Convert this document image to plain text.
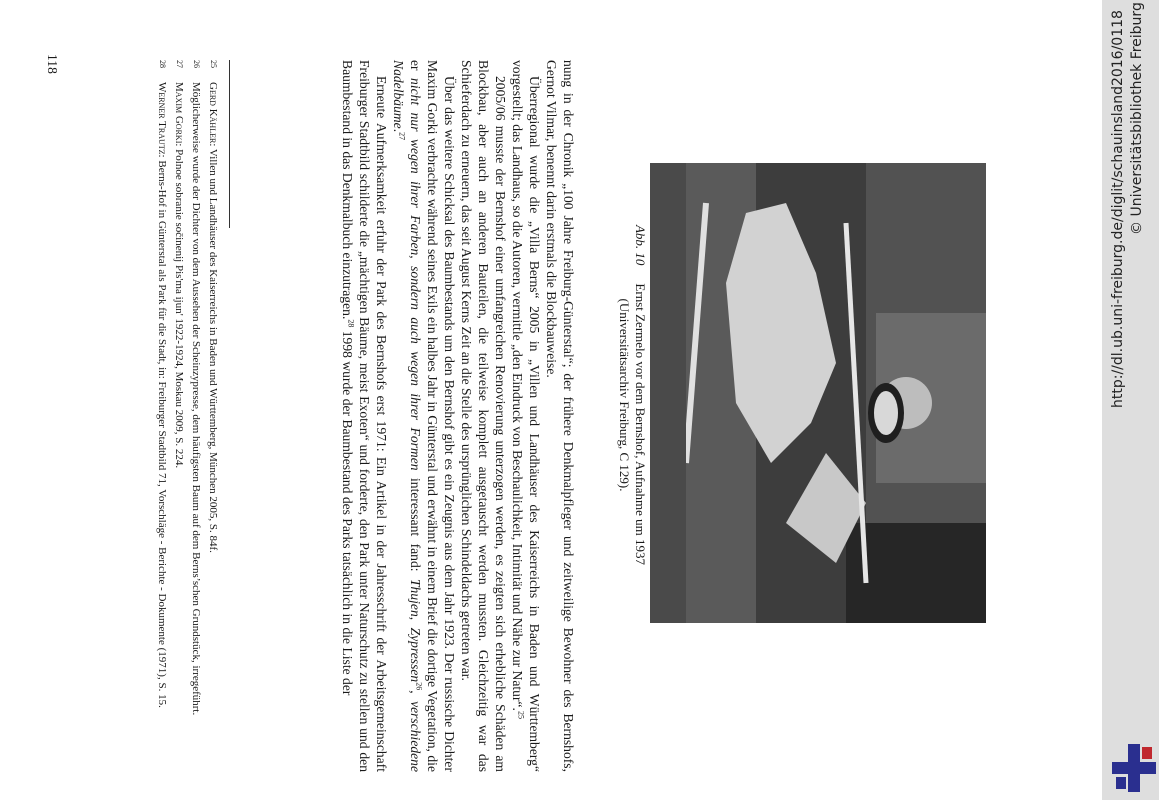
Abb. 10Ernst Zermelo vor dem Bernshof, Aufnahme um 1937
(Universitätsarchiv Freiburg, C 129).

nung in der Chronik „100 Jahre Freiburg-Günterstal“; der frühere Denkmalpfleger und zeitweilige Bewohner des Bernshofs, Gernot Vilmar, benennt darin erstmals die Blockbauweise.

Überregional wurde die „Villa Berns“ 2005 in „Villen und Landhäuser des Kaiserreichs in Baden und Württemberg“ vorgestellt; das Landhaus, so die Autoren, vermittle „den Eindruck von Beschaulichkeit, Intimität und Nähe zur Natur“.$^{25}$

2005/06 musste der Bernshof einer umfangreichen Renovierung unterzogen werden, es zeigten sich erhebliche Schäden am Blockbau, aber auch an anderen Bauteilen, die teilweise komplett ausgetauscht werden mussten. Gleichzeitig war das Schieferdach zu erneuern, das seit August Kerns Zeit an die Stelle des ursprünglichen Schindeldachs getreten war.

Über das weitere Schicksal des Baumbestands um den Bernshof gibt es ein Zeugnis aus dem Jahr 1923. Der russische Dichter Maxim Gorki verbrachte während seines Exils ein halbes Jahr in Günterstal und erwähnt in einem Brief die dortige Vegetation, die er nicht nur wegen ihrer Farben, sondern auch wegen ihrer Formen interessant fand: Thujen, Zypressen$^{26}$, verschiedene Nadelbäume.$^{27}$

Erneute Aufmerksamkeit erfuhr der Park des Bernshofs erst 1971: Ein Artikel in der Jahresschrift der Arbeitsgemeinschaft Freiburger Stadtbild schilderte die „mächtigen Bäume, meist Exoten“ und forderte, den Park unter Naturschutz zu stellen und den Baumbestand in das Denkmalbuch einzutragen.$^{28}$ 1998 wurde der Baumbestand des Parks tatsächlich in die Liste der

25
Gerd Kähler: Villen und Landhäuser des Kaiserreichs in Baden und Württemberg, München 2005, S. 84f.
26
Möglicherweise wurde der Dichter von dem Aussehen der Scheinzypresse, dem häufigsten Baum auf dem Berns’schen Grundstück, irregeführt.
27
Maxim Gorki: Polnoe sobranie sočinenij Pis'ma ijun' 1922-1924, Moskau 2009, S. 224.
28
Werner Trautz: Berns-Hof in Günterstal als Park für die Stadt, in: Freiburger Stadtbild 71, Vorschläge - Berichte - Dokumente (1971), S. 15.
118	http://dl.ub.uni-freiburg.de/diglit/schauinsland2016/0118 © Universitätsbibliothek Freiburg
